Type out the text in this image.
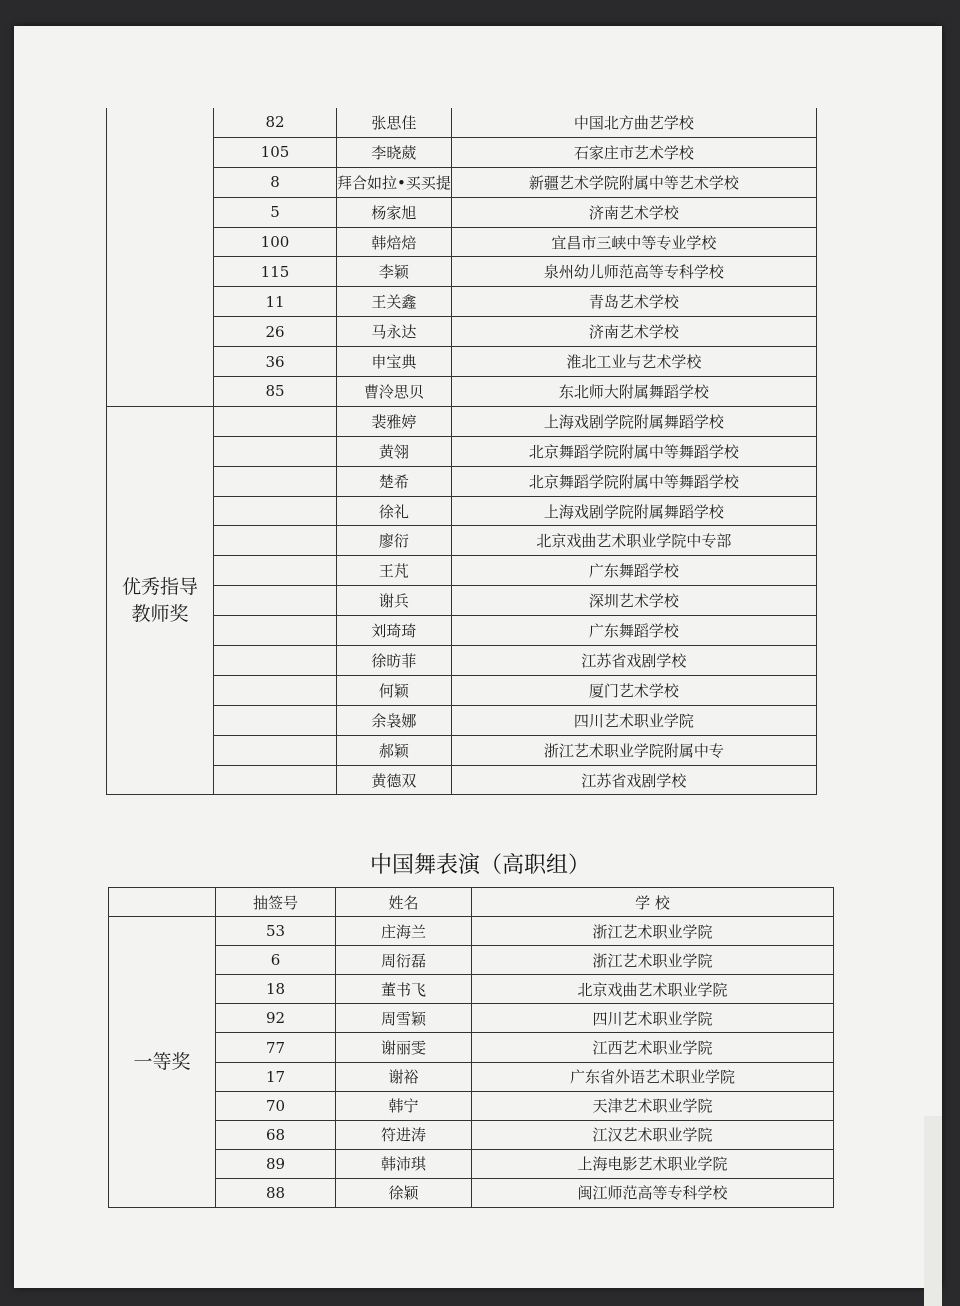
	82	张思佳	中国北方曲艺学校
	105	李晓葳	石家庄市艺术学校
	8	拜合如拉•买买提	新疆艺术学院附属中等艺术学校
	5	杨家旭	济南艺术学校
	100	韩焙焙	宜昌市三峡中等专业学校
	115	李颖	泉州幼儿师范高等专科学校
	11	王关鑫	青岛艺术学校
	26	马永达	济南艺术学校
	36	申宝典	淮北工业与艺术学校
	85	曹泠思贝	东北师大附属舞蹈学校
优秀指导教师奖		裴雅婷	上海戏剧学院附属舞蹈学校
		黄翎	北京舞蹈学院附属中等舞蹈学校
		楚希	北京舞蹈学院附属中等舞蹈学校
		徐礼	上海戏剧学院附属舞蹈学校
		廖衍	北京戏曲艺术职业学院中专部
		王芃	广东舞蹈学校
		谢兵	深圳艺术学校
		刘琦琦	广东舞蹈学校
		徐昉菲	江苏省戏剧学校
		何颖	厦门艺术学校
		余袅娜	四川艺术职业学院
		郝颖	浙江艺术职业学院附属中专
		黄德双	江苏省戏剧学校
中国舞表演（高职组）
	抽签号	姓名	学 校
一等奖	53	庄海兰	浙江艺术职业学院
	6	周衍磊	浙江艺术职业学院
	18	董书飞	北京戏曲艺术职业学院
	92	周雪颖	四川艺术职业学院
	77	谢丽雯	江西艺术职业学院
	17	谢裕	广东省外语艺术职业学院
	70	韩宁	天津艺术职业学院
	68	符进涛	江汉艺术职业学院
	89	韩沛琪	上海电影艺术职业学院
	88	徐颖	闽江师范高等专科学校
